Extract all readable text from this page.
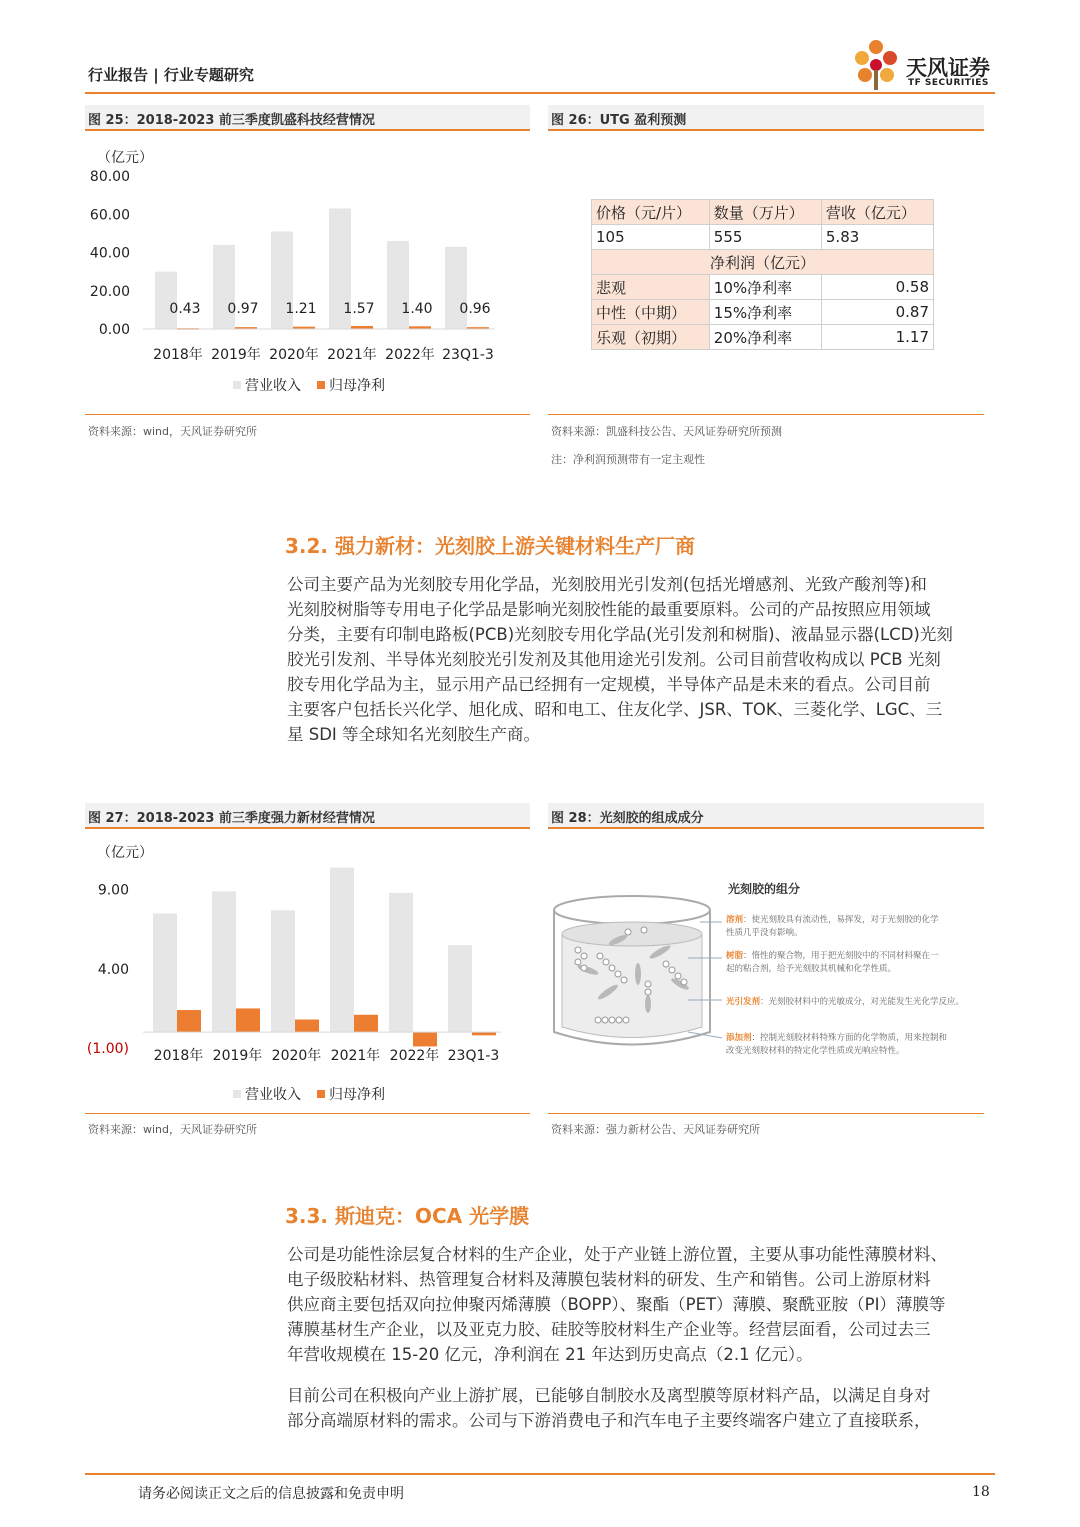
行业报告 | 行业专题研究	天风证券
TF SECURITIES
图 25：2018-2023 前三季度凯盛科技经营情况
（亿元）
0.00
20.00
40.00
60.00
80.00
0.43
2018年
0.97
2019年
1.21
2020年
1.57
2021年
1.40
2022年
0.96
23Q1-3
营业收入 归母净利
资料来源：wind，天风证券研究所
图 26：UTG 盈利预测
价格（元/片）	数量（万片）	营收（亿元）
105	555	5.83
净利润（亿元）		
悲观	10%净利率	0.58
中性（中期）	15%净利率	0.87
乐观（初期）	20%净利率	1.17
资料来源：凯盛科技公告、天风证券研究所预测
注：净利润预测带有一定主观性
3.2. 强力新材：光刻胶上游关键材料生产厂商
公司主要产品为光刻胶专用化学品，光刻胶用光引发剂(包括光增感剂、光致产酸剂等)和
光刻胶树脂等专用电子化学品是影响光刻胶性能的最重要原料。公司的产品按照应用领域
分类，主要有印制电路板(PCB)光刻胶专用化学品(光引发剂和树脂)、液晶显示器(LCD)光刻
胶光引发剂、半导体光刻胶光引发剂及其他用途光引发剂。公司目前营收构成以 PCB 光刻
胶专用化学品为主，显示用产品已经拥有一定规模，半导体产品是未来的看点。公司目前
主要客户包括长兴化学、旭化成、昭和电工、住友化学、JSR、TOK、三菱化学、LGC、三
星 SDI 等全球知名光刻胶生产商。
图 27：2018-2023 前三季度强力新材经营情况
（亿元）
(1.00)
4.00
9.00
2018年 2019年 2020年 2021年 2022年 23Q1-3
营业收入 归母净利
资料来源：wind，天风证券研究所
图 28：光刻胶的组成成分
光刻胶的组分
溶剂：使光刻胶具有流动性，易挥发，对于光刻胶的化学
性质几乎没有影响。
树脂：惰性的聚合物，用于把光刻胶中的不同材料聚在一
起的粘合剂，给予光刻胶其机械和化学性质。
光引发剂：光刻胶材料中的光敏成分，对光能发生光化学反应。
添加剂：控制光刻胶材料特殊方面的化学物质，用来控制和
改变光刻胶材料的特定化学性质或光响应特性。
资料来源：强力新材公告、天风证券研究所
3.3. 斯迪克：OCA 光学膜
公司是功能性涂层复合材料的生产企业，处于产业链上游位置，主要从事功能性薄膜材料、
电子级胶粘材料、热管理复合材料及薄膜包装材料的研发、生产和销售。公司上游原材料
供应商主要包括双向拉伸聚丙烯薄膜（BOPP）、聚酯（PET）薄膜、聚酰亚胺（PI）薄膜等
薄膜基材生产企业，以及亚克力胶、硅胶等胶材料生产企业等。经营层面看，公司过去三
年营收规模在 15-20 亿元，净利润在 21 年达到历史高点（2.1 亿元）。
目前公司在积极向产业上游扩展，已能够自制胶水及离型膜等原材料产品，以满足自身对
部分高端原材料的需求。公司与下游消费电子和汽车电子主要终端客户建立了直接联系，
请务必阅读正文之后的信息披露和免责申明	18
